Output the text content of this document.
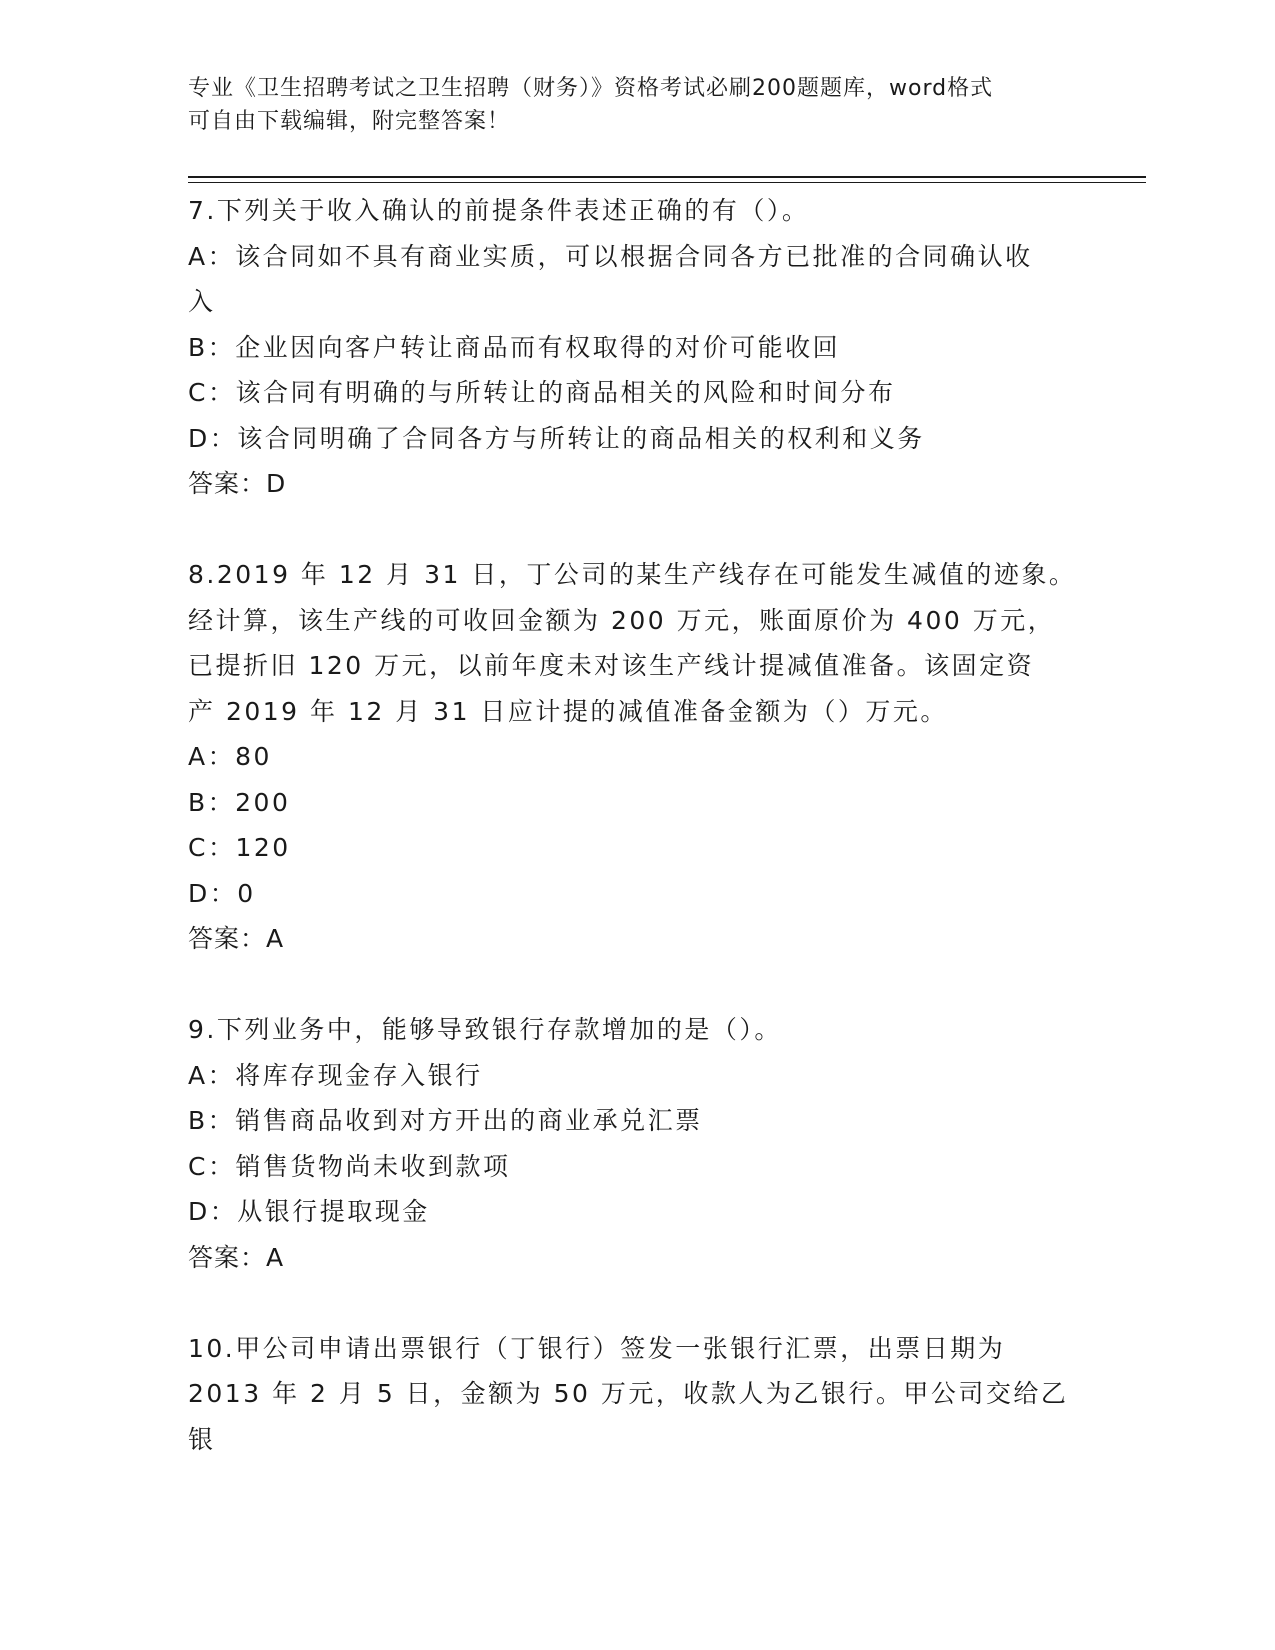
专业《卫生招聘考试之卫生招聘（财务）》资格考试必刷200题题库，word格式
可自由下载编辑，附完整答案！
7.下列关于收入确认的前提条件表述正确的有（）。
A：该合同如不具有商业实质，可以根据合同各方已批准的合同确认收
入
B：企业因向客户转让商品而有权取得的对价可能收回
C：该合同有明确的与所转让的商品相关的风险和时间分布
D：该合同明确了合同各方与所转让的商品相关的权利和义务
答案：D
8.2019 年 12 月 31 日，丁公司的某生产线存在可能发生减值的迹象。
经计算，该生产线的可收回金额为 200 万元，账面原价为 400 万元，
已提折旧 120 万元，以前年度未对该生产线计提减值准备。该固定资
产 2019 年 12 月 31 日应计提的减值准备金额为（）万元。
A：80
B：200
C：120
D：0
答案：A
9.下列业务中，能够导致银行存款增加的是（）。
A：将库存现金存入银行
B：销售商品收到对方开出的商业承兑汇票
C：销售货物尚未收到款项
D：从银行提取现金
答案：A
10.甲公司申请出票银行（丁银行）签发一张银行汇票，出票日期为
2013 年 2 月 5 日，金额为 50 万元，收款人为乙银行。甲公司交给乙银
